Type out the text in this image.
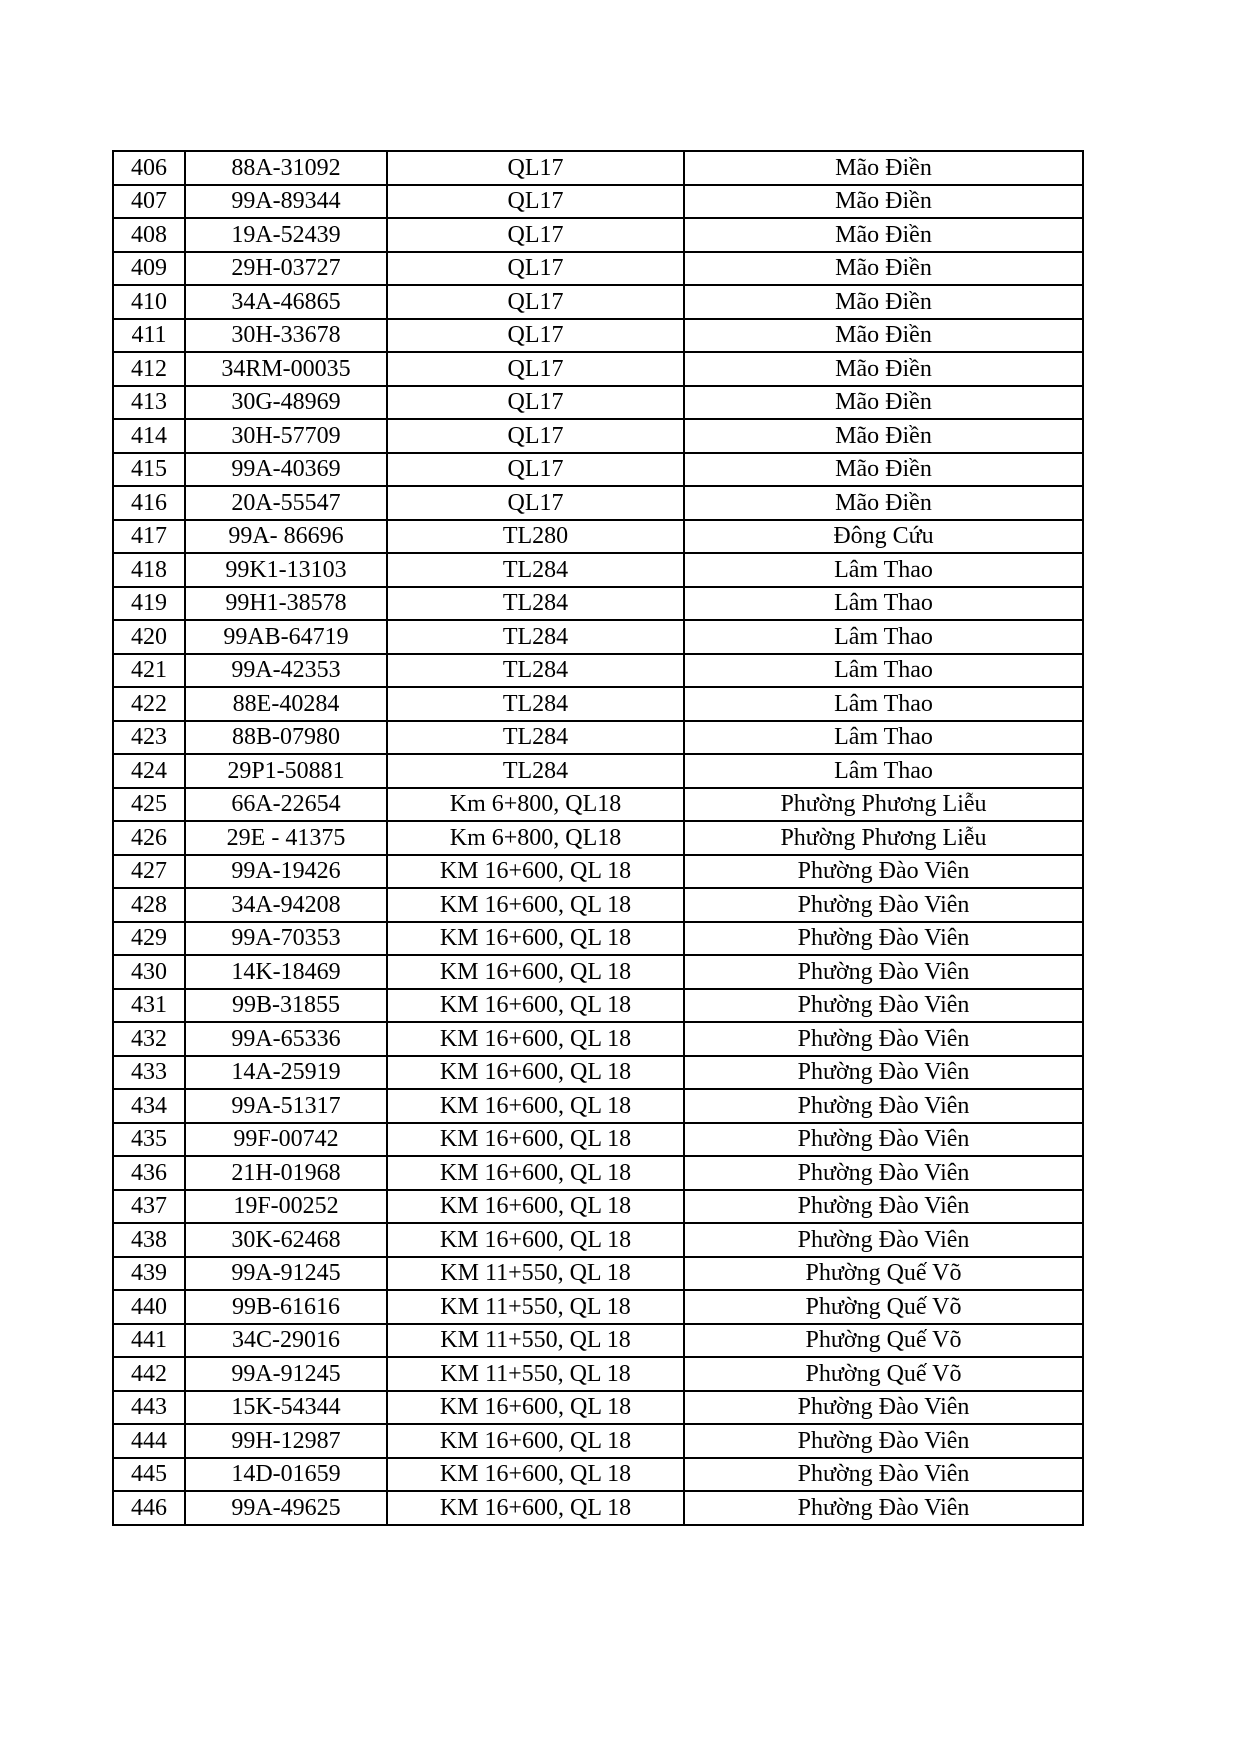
406	88A-31092	QL17	Mão Điền
407	99A-89344	QL17	Mão Điền
408	19A-52439	QL17	Mão Điền
409	29H-03727	QL17	Mão Điền
410	34A-46865	QL17	Mão Điền
411	30H-33678	QL17	Mão Điền
412	34RM-00035	QL17	Mão Điền
413	30G-48969	QL17	Mão Điền
414	30H-57709	QL17	Mão Điền
415	99A-40369	QL17	Mão Điền
416	20A-55547	QL17	Mão Điền
417	99A- 86696	TL280	Đông Cứu
418	99K1-13103	TL284	Lâm Thao
419	99H1-38578	TL284	Lâm Thao
420	99AB-64719	TL284	Lâm Thao
421	99A-42353	TL284	Lâm Thao
422	88E-40284	TL284	Lâm Thao
423	88B-07980	TL284	Lâm Thao
424	29P1-50881	TL284	Lâm Thao
425	66A-22654	Km 6+800, QL18	Phường Phương Liễu
426	29E - 41375	Km 6+800, QL18	Phường Phương Liễu
427	99A-19426	KM 16+600, QL 18	Phường Đào Viên
428	34A-94208	KM 16+600, QL 18	Phường Đào Viên
429	99A-70353	KM 16+600, QL 18	Phường Đào Viên
430	14K-18469	KM 16+600, QL 18	Phường Đào Viên
431	99B-31855	KM 16+600, QL 18	Phường Đào Viên
432	99A-65336	KM 16+600, QL 18	Phường Đào Viên
433	14A-25919	KM 16+600, QL 18	Phường Đào Viên
434	99A-51317	KM 16+600, QL 18	Phường Đào Viên
435	99F-00742	KM 16+600, QL 18	Phường Đào Viên
436	21H-01968	KM 16+600, QL 18	Phường Đào Viên
437	19F-00252	KM 16+600, QL 18	Phường Đào Viên
438	30K-62468	KM 16+600, QL 18	Phường Đào Viên
439	99A-91245	KM 11+550, QL 18	Phường Quế Võ
440	99B-61616	KM 11+550, QL 18	Phường Quế Võ
441	34C-29016	KM 11+550, QL 18	Phường Quế Võ
442	99A-91245	KM 11+550, QL 18	Phường Quế Võ
443	15K-54344	KM 16+600, QL 18	Phường Đào Viên
444	99H-12987	KM 16+600, QL 18	Phường Đào Viên
445	14D-01659	KM 16+600, QL 18	Phường Đào Viên
446	99A-49625	KM 16+600, QL 18	Phường Đào Viên
